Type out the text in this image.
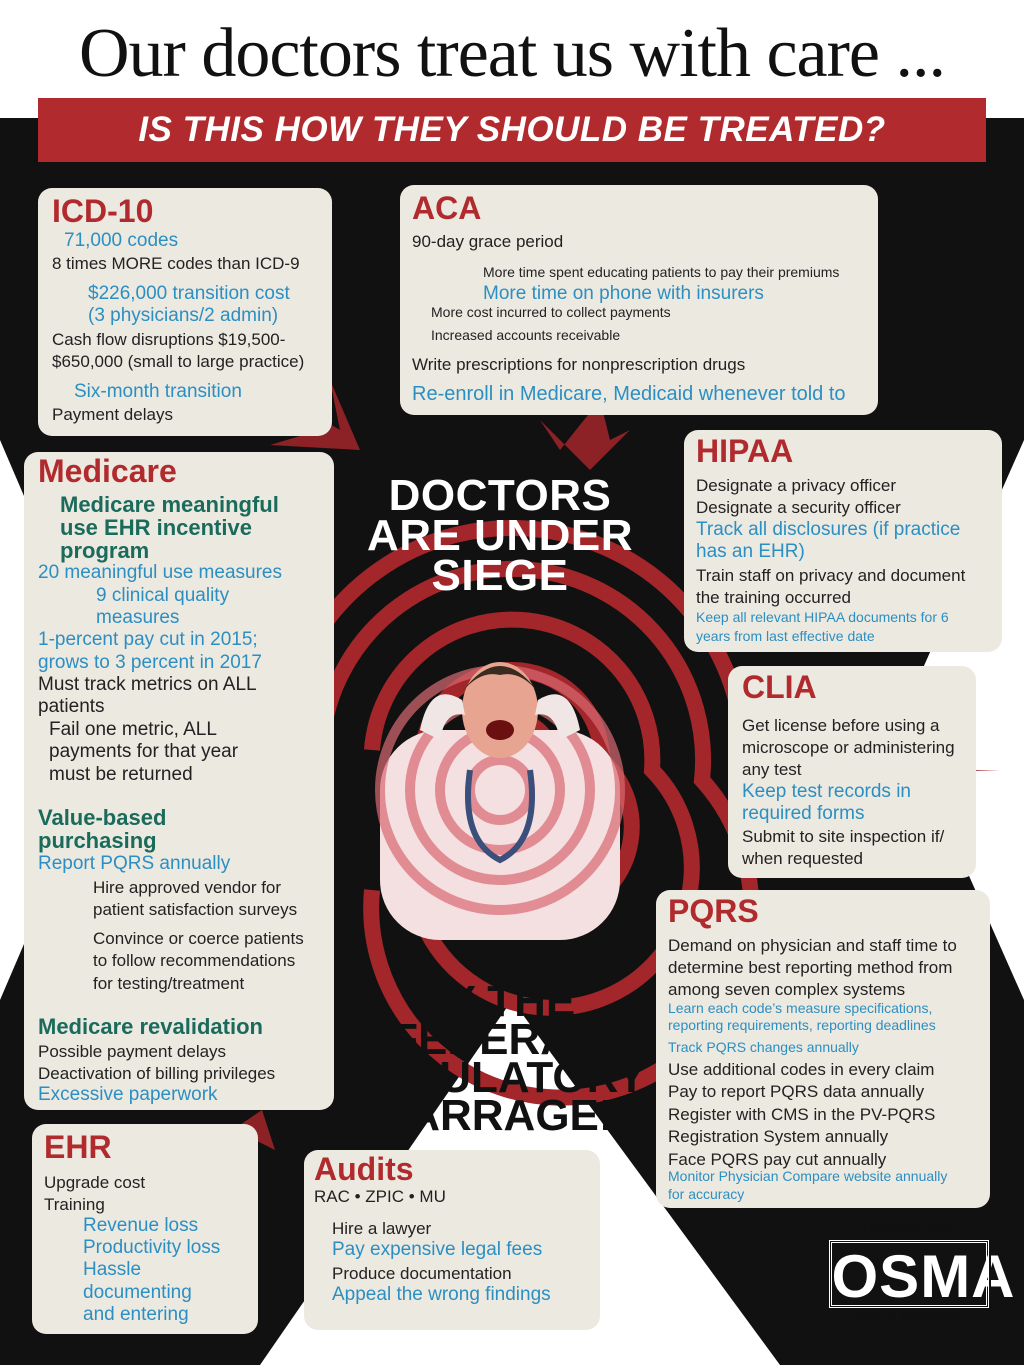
Our doctors treat us with care ...
IS THIS HOW THEY SHOULD BE TREATED?
ICD-10
71,000 codes
8 times MORE codes than ICD-9
$226,000 transition cost
(3 physicians/2 admin)
Cash flow disruptions $19,500-
$650,000 (small to large practice)
Six-month transition
Payment delays
ACA
90-day grace period
More time spent educating patients to pay their premiums
More time on phone with insurers
More cost incurred to collect payments
Increased accounts receivable
Write prescriptions for nonprescription drugs
Re-enroll in Medicare, Medicaid whenever told to
HIPAA
Designate a privacy officer
Designate a security officer
Track all disclosures (if practice
has an EHR)
Train staff on privacy and document
the training occurred
Keep all relevant HIPAA documents for 6
years from last effective date
CLIA
Get license before using a
microscope or administering
any test
Keep test records in
required forms
Submit to site inspection if/
when requested
PQRS
Demand on physician and staff time to
determine best reporting method from
among seven complex systems
Learn each code’s measure specifications,
reporting requirements, reporting deadlines
Track PQRS changes annually
Use additional codes in every claim
Pay to report PQRS data annually
Register with CMS in the PV-PQRS
Registration System annually
Face PQRS pay cut annually
Monitor Physician Compare website annually
for accuracy
Medicare
Medicare meaningful
use EHR incentive
program
20 meaningful use measures
9 clinical quality
measures
1-percent pay cut in 2015;
grows to 3 percent in 2017
Must track metrics on ALL
patients
Fail one metric, ALL
payments for that year
must be returned
Value-based
purchasing
Report PQRS annually
Hire approved vendor for
patient satisfaction surveys
Convince or coerce patients
to follow recommendations
for testing/treatment
Medicare revalidation
Possible payment delays
Deactivation of billing privileges
Excessive paperwork
EHR
Upgrade cost
Training
Revenue loss
Productivity loss
Hassle
documenting
and entering
Audits
RAC • ZPIC • MU
Hire a lawyer
Pay expensive legal fees
Produce documentation
Appeal the wrong findings
DOCTORS
ARE UNDER
SIEGE
BY THE
FEDERAL
REGULATORY
BARRAGE!
Oklahoma State
OSMA
Medical Association
